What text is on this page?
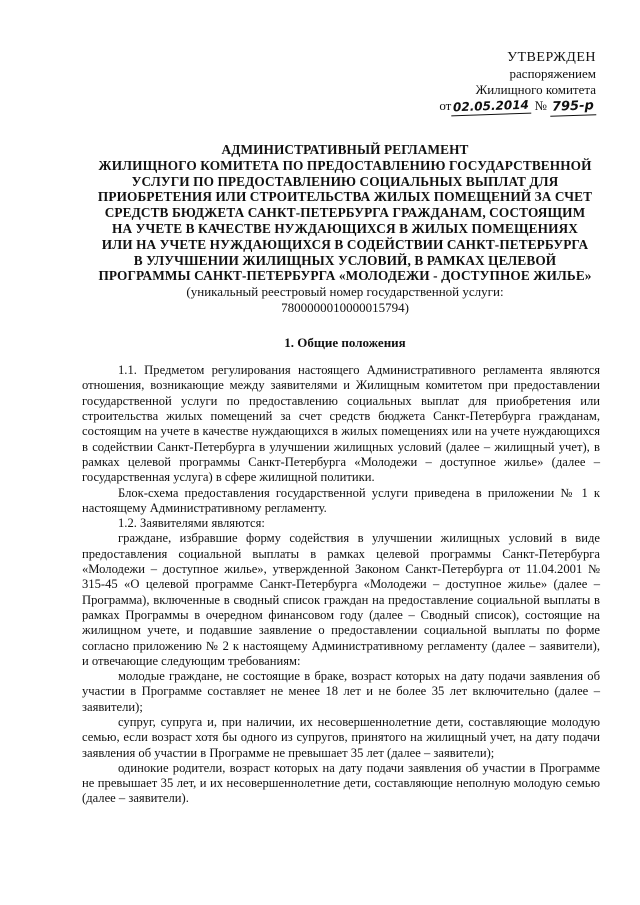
УТВЕРЖДЕН
распоряжением
Жилищного комитета
от 02.05.2014 № 795-р
АДМИНИСТРАТИВНЫЙ РЕГЛАМЕНТ
ЖИЛИЩНОГО КОМИТЕТА ПО ПРЕДОСТАВЛЕНИЮ ГОСУДАРСТВЕННОЙ
УСЛУГИ ПО ПРЕДОСТАВЛЕНИЮ СОЦИАЛЬНЫХ ВЫПЛАТ ДЛЯ
ПРИОБРЕТЕНИЯ ИЛИ СТРОИТЕЛЬСТВА ЖИЛЫХ ПОМЕЩЕНИЙ ЗА СЧЕТ
СРЕДСТВ БЮДЖЕТА САНКТ-ПЕТЕРБУРГА ГРАЖДАНАМ, СОСТОЯЩИМ
НА УЧЕТЕ В КАЧЕСТВЕ НУЖДАЮЩИХСЯ В ЖИЛЫХ ПОМЕЩЕНИЯХ
ИЛИ НА УЧЕТЕ НУЖДАЮЩИХСЯ В СОДЕЙСТВИИ САНКТ-ПЕТЕРБУРГА
В УЛУЧШЕНИИ ЖИЛИЩНЫХ УСЛОВИЙ, В РАМКАХ ЦЕЛЕВОЙ
ПРОГРАММЫ САНКТ-ПЕТЕРБУРГА «МОЛОДЕЖИ - ДОСТУПНОЕ ЖИЛЬЕ»
(уникальный реестровый номер государственной услуги:
7800000010000015794)
1. Общие положения

1.1. Предметом регулирования настоящего Административного регламента являются отношения, возникающие между заявителями и Жилищным комитетом при предоставлении государственной услуги по предоставлению социальных выплат для приобретения или строительства жилых помещений за счет средств бюджета Санкт-Петербурга гражданам, состоящим на учете в качестве нуждающихся в жилых помещениях или на учете нуждающихся в содействии Санкт-Петербурга в улучшении жилищных условий (далее – жилищный учет), в рамках целевой программы Санкт-Петербурга «Молодежи – доступное жилье» (далее – государственная услуга) в сфере жилищной политики.

Блок-схема предоставления государственной услуги приведена в приложении № 1 к настоящему Административному регламенту.

1.2. Заявителями являются:

граждане, избравшие форму содействия в улучшении жилищных условий в виде предоставления социальной выплаты в рамках целевой программы Санкт-Петербурга «Молодежи – доступное жилье», утвержденной Законом Санкт-Петербурга от 11.04.2001 № 315-45 «О целевой программе Санкт-Петербурга «Молодежи – доступное жилье» (далее – Программа), включенные в сводный список граждан на предоставление социальной выплаты в рамках Программы в очередном финансовом году (далее – Сводный список), состоящие на жилищном учете, и подавшие заявление о предоставлении социальной выплаты по форме согласно приложению № 2 к настоящему Административному регламенту (далее – заявители), и отвечающие следующим требованиям:

молодые граждане, не состоящие в браке, возраст которых на дату подачи заявления об участии в Программе составляет не менее 18 лет и не более 35 лет включительно (далее – заявители);

супруг, супруга и, при наличии, их несовершеннолетние дети, составляющие молодую семью, если возраст хотя бы одного из супругов, принятого на жилищный учет, на дату подачи заявления об участии в Программе не превышает 35 лет (далее – заявители);

одинокие родители, возраст которых на дату подачи заявления об участии в Программе не превышает 35 лет, и их несовершеннолетние дети, составляющие неполную молодую семью (далее – заявители).
